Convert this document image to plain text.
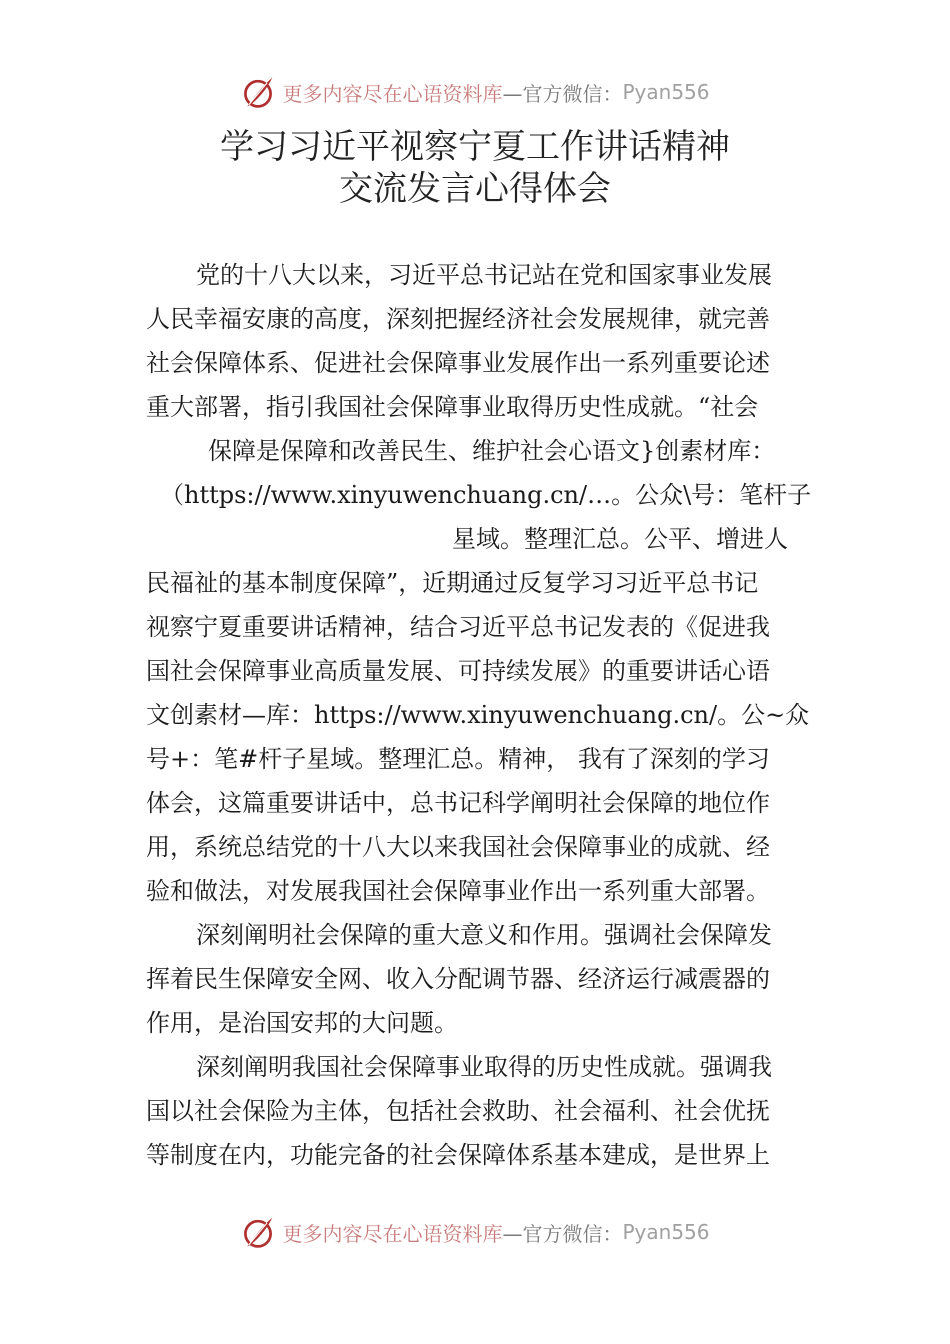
更多内容尽在心语资料库 —官方微信： Pyan556
学习习近平视察宁夏工作讲话精神
交流发言心得体会
党的十八大以来，习近平总书记站在党和国家事业发展
人民幸福安康的高度，深刻把握经济社会发展规律，就完善
社会保障体系、促进社会保障事业发展作出一系列重要论述
重大部署，指引我国社会保障事业取得历史性成就。“社会
保障是保障和改善民生、维护社会心语文}创素材库：
（https://www.xinyuwenchuang.cn/…。公众\号：笔杆子
星域。整理汇总。公平、增进人
民福祉的基本制度保障”，近期通过反复学习习近平总书记
视察宁夏重要讲话精神，结合习近平总书记发表的《促进我
国社会保障事业高质量发展、可持续发展》的重要讲话心语
文创素材—库：https://www.xinyuwenchuang.cn/。公~众
号+：笔#杆子星域。整理汇总。精神， 我有了深刻的学习
体会，这篇重要讲话中，总书记科学阐明社会保障的地位作
用，系统总结党的十八大以来我国社会保障事业的成就、经
验和做法，对发展我国社会保障事业作出一系列重大部署。
深刻阐明社会保障的重大意义和作用。强调社会保障发
挥着民生保障安全网、收入分配调节器、经济运行减震器的
作用，是治国安邦的大问题。
深刻阐明我国社会保障事业取得的历史性成就。强调我
国以社会保险为主体，包括社会救助、社会福利、社会优抚
等制度在内，功能完备的社会保障体系基本建成，是世界上
更多内容尽在心语资料库 —官方微信： Pyan556
